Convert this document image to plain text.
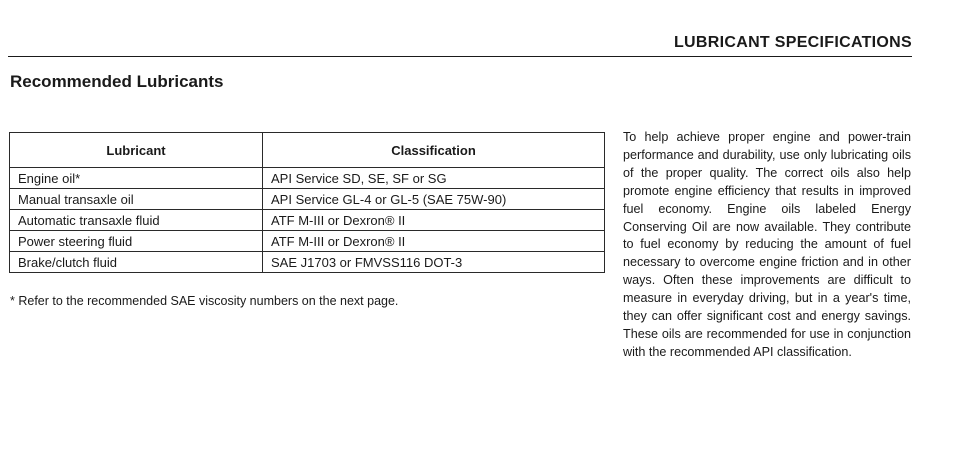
LUBRICANT SPECIFICATIONS
Recommended Lubricants
Lubricant	Classification
Engine oil*	API Service SD, SE, SF or SG
Manual transaxle oil	API Service GL-4 or GL-5 (SAE 75W-90)
Automatic transaxle fluid	ATF M-III or Dexron® II
Power steering fluid	ATF M-III or Dexron® II
Brake/clutch fluid	SAE J1703 or FMVSS116 DOT-3
* Refer to the recommended SAE viscosity numbers on the next page.
To help achieve proper engine and power-train performance and durability, use only lubricating oils of the proper quality. The correct oils also help promote engine efficiency that results in improved fuel economy. Engine oils labeled Energy Conserving Oil are now available. They contribute to fuel economy by reducing the amount of fuel necessary to overcome engine friction and in other ways. Often these improvements are difficult to measure in everyday driving, but in a year's time, they can offer significant cost and energy savings. These oils are recommended for use in conjunction with the recommended API classification.
